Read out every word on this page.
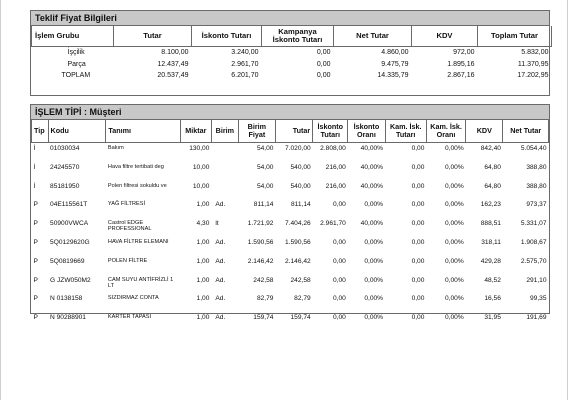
Teklif Fiyat Bilgileri
İşlem Grubu	Tutar	İskonto Tutarı	Kampanya İskonto Tutarı	Net Tutar	KDV	Toplam Tutar
İşçilik	8.100,00	3.240,00	0,00	4.860,00	972,00	5.832,00
Parça	12.437,49	2.961,70	0,00	9.475,79	1.895,16	11.370,95
TOPLAM	20.537,49	6.201,70	0,00	14.335,79	2.867,16	17.202,95
İŞLEM TİPİ : Müşteri
Tip	Kodu	Tanımı	Miktar	Birim	Birim Fiyat	Tutar	İskonto Tutarı	İskonto Oranı	Kam. İsk. Tutarı	Kam. İsk. Oranı	KDV	Net Tutar
İ	01030034	Bakım	130,00		54,00	7.020,00	2.808,00	40,00%	0,00	0,00%	842,40	5.054,40
İ	24245570	Hava filtre tertibati deg	10,00		54,00	540,00	216,00	40,00%	0,00	0,00%	64,80	388,80
İ	85181950	Polen filtresi sokuldu ve	10,00		54,00	540,00	216,00	40,00%	0,00	0,00%	64,80	388,80
P	04E115561T	YAĞ FİLTRESİ	1,00	Ad.	811,14	811,14	0,00	0,00%	0,00	0,00%	162,23	973,37
P	50900VWCA	Castrol EDGE PROFESSIONAL	4,30	lt	1.721,92	7.404,26	2.961,70	40,00%	0,00	0,00%	888,51	5.331,07
P	5Q0129620G	HAVA FİLTRE ELEMANI	1,00	Ad.	1.590,56	1.590,56	0,00	0,00%	0,00	0,00%	318,11	1.908,67
P	5Q0819669	POLEN FİLTRE	1,00	Ad.	2.146,42	2.146,42	0,00	0,00%	0,00	0,00%	429,28	2.575,70
P	G JZW050M2	CAM SUYU ANTİFRİZLİ 1 LT	1,00	Ad.	242,58	242,58	0,00	0,00%	0,00	0,00%	48,52	291,10
P	N 0138158	SIZDIRMAZ CONTA	1,00	Ad.	82,79	82,79	0,00	0,00%	0,00	0,00%	16,56	99,35
P	N 90288901	KARTER TAPASI	1,00	Ad.	159,74	159,74	0,00	0,00%	0,00	0,00%	31,95	191,69
